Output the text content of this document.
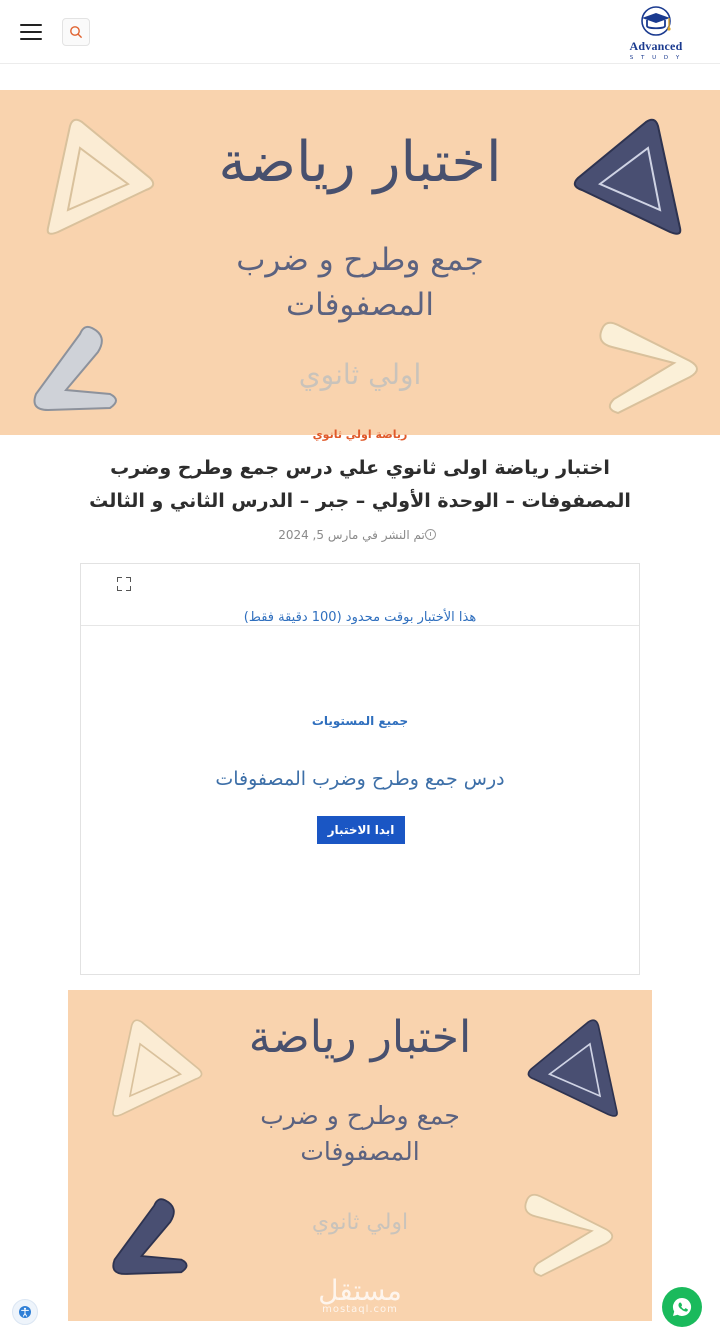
Advanced
S T U D Y
اختبار رياضة
جمع وطرح و ضرب
المصفوفات
اولي ثانوي
رياضة اولي ثانوي
اختبار رياضة اولى ثانوي علي درس جمع وطرح وضرب المصفوفات – الوحدة الأولي – جبر – الدرس الثاني و الثالث
تم النشر في مارس 5, 2024
هذا الأختبار بوقت محدود (100 دقيقة فقط)
جميع المستويات
درس جمع وطرح وضرب المصفوفات
ابدا الاختبار
اختبار رياضة
جمع وطرح و ضرب
المصفوفات
اولي ثانوي
مستقل
mostaql.com
